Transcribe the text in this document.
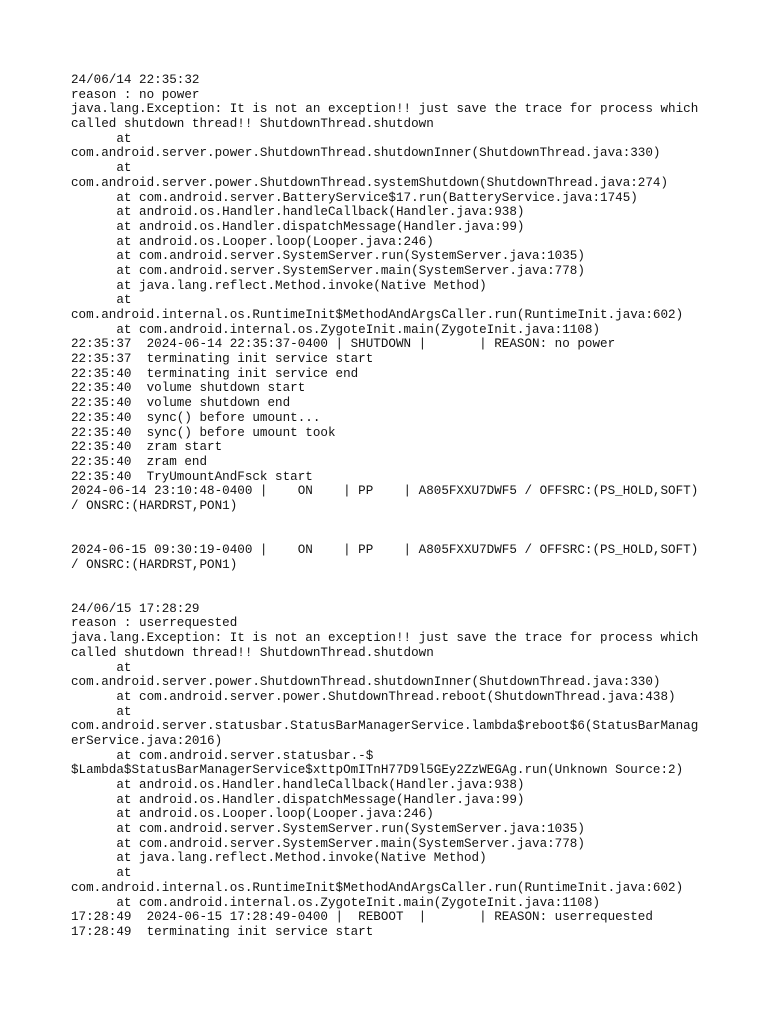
24/06/14 22:35:32
reason : no power
java.lang.Exception: It is not an exception!! just save the trace for process which
called shutdown thread!! ShutdownThread.shutdown
at
com.android.server.power.ShutdownThread.shutdownInner(ShutdownThread.java:330)
at
com.android.server.power.ShutdownThread.systemShutdown(ShutdownThread.java:274)
at com.android.server.BatteryService$17.run(BatteryService.java:1745)
at android.os.Handler.handleCallback(Handler.java:938)
at android.os.Handler.dispatchMessage(Handler.java:99)
at android.os.Looper.loop(Looper.java:246)
at com.android.server.SystemServer.run(SystemServer.java:1035)
at com.android.server.SystemServer.main(SystemServer.java:778)
at java.lang.reflect.Method.invoke(Native Method)
at
com.android.internal.os.RuntimeInit$MethodAndArgsCaller.run(RuntimeInit.java:602)
at com.android.internal.os.ZygoteInit.main(ZygoteInit.java:1108)
22:35:37  2024-06-14 22:35:37-0400 | SHUTDOWN |       | REASON: no power
22:35:37  terminating init service start
22:35:40  terminating init service end
22:35:40  volume shutdown start
22:35:40  volume shutdown end
22:35:40  sync() before umount...
22:35:40  sync() before umount took
22:35:40  zram start
22:35:40  zram end
22:35:40  TryUmountAndFsck start
2024-06-14 23:10:48-0400 |    ON    | PP    | A805FXXU7DWF5 / OFFSRC:(PS_HOLD,SOFT)
/ ONSRC:(HARDRST,PON1)
2024-06-15 09:30:19-0400 |    ON    | PP    | A805FXXU7DWF5 / OFFSRC:(PS_HOLD,SOFT)
/ ONSRC:(HARDRST,PON1)
24/06/15 17:28:29
reason : userrequested
java.lang.Exception: It is not an exception!! just save the trace for process which
called shutdown thread!! ShutdownThread.shutdown
at
com.android.server.power.ShutdownThread.shutdownInner(ShutdownThread.java:330)
at com.android.server.power.ShutdownThread.reboot(ShutdownThread.java:438)
at
com.android.server.statusbar.StatusBarManagerService.lambda$reboot$6(StatusBarManag
erService.java:2016)
at com.android.server.statusbar.-$
$Lambda$StatusBarManagerService$xttpOmITnH77D9l5GEy2ZzWEGAg.run(Unknown Source:2)
at android.os.Handler.handleCallback(Handler.java:938)
at android.os.Handler.dispatchMessage(Handler.java:99)
at android.os.Looper.loop(Looper.java:246)
at com.android.server.SystemServer.run(SystemServer.java:1035)
at com.android.server.SystemServer.main(SystemServer.java:778)
at java.lang.reflect.Method.invoke(Native Method)
at
com.android.internal.os.RuntimeInit$MethodAndArgsCaller.run(RuntimeInit.java:602)
at com.android.internal.os.ZygoteInit.main(ZygoteInit.java:1108)
17:28:49  2024-06-15 17:28:49-0400 |  REBOOT  |       | REASON: userrequested
17:28:49  terminating init service start
